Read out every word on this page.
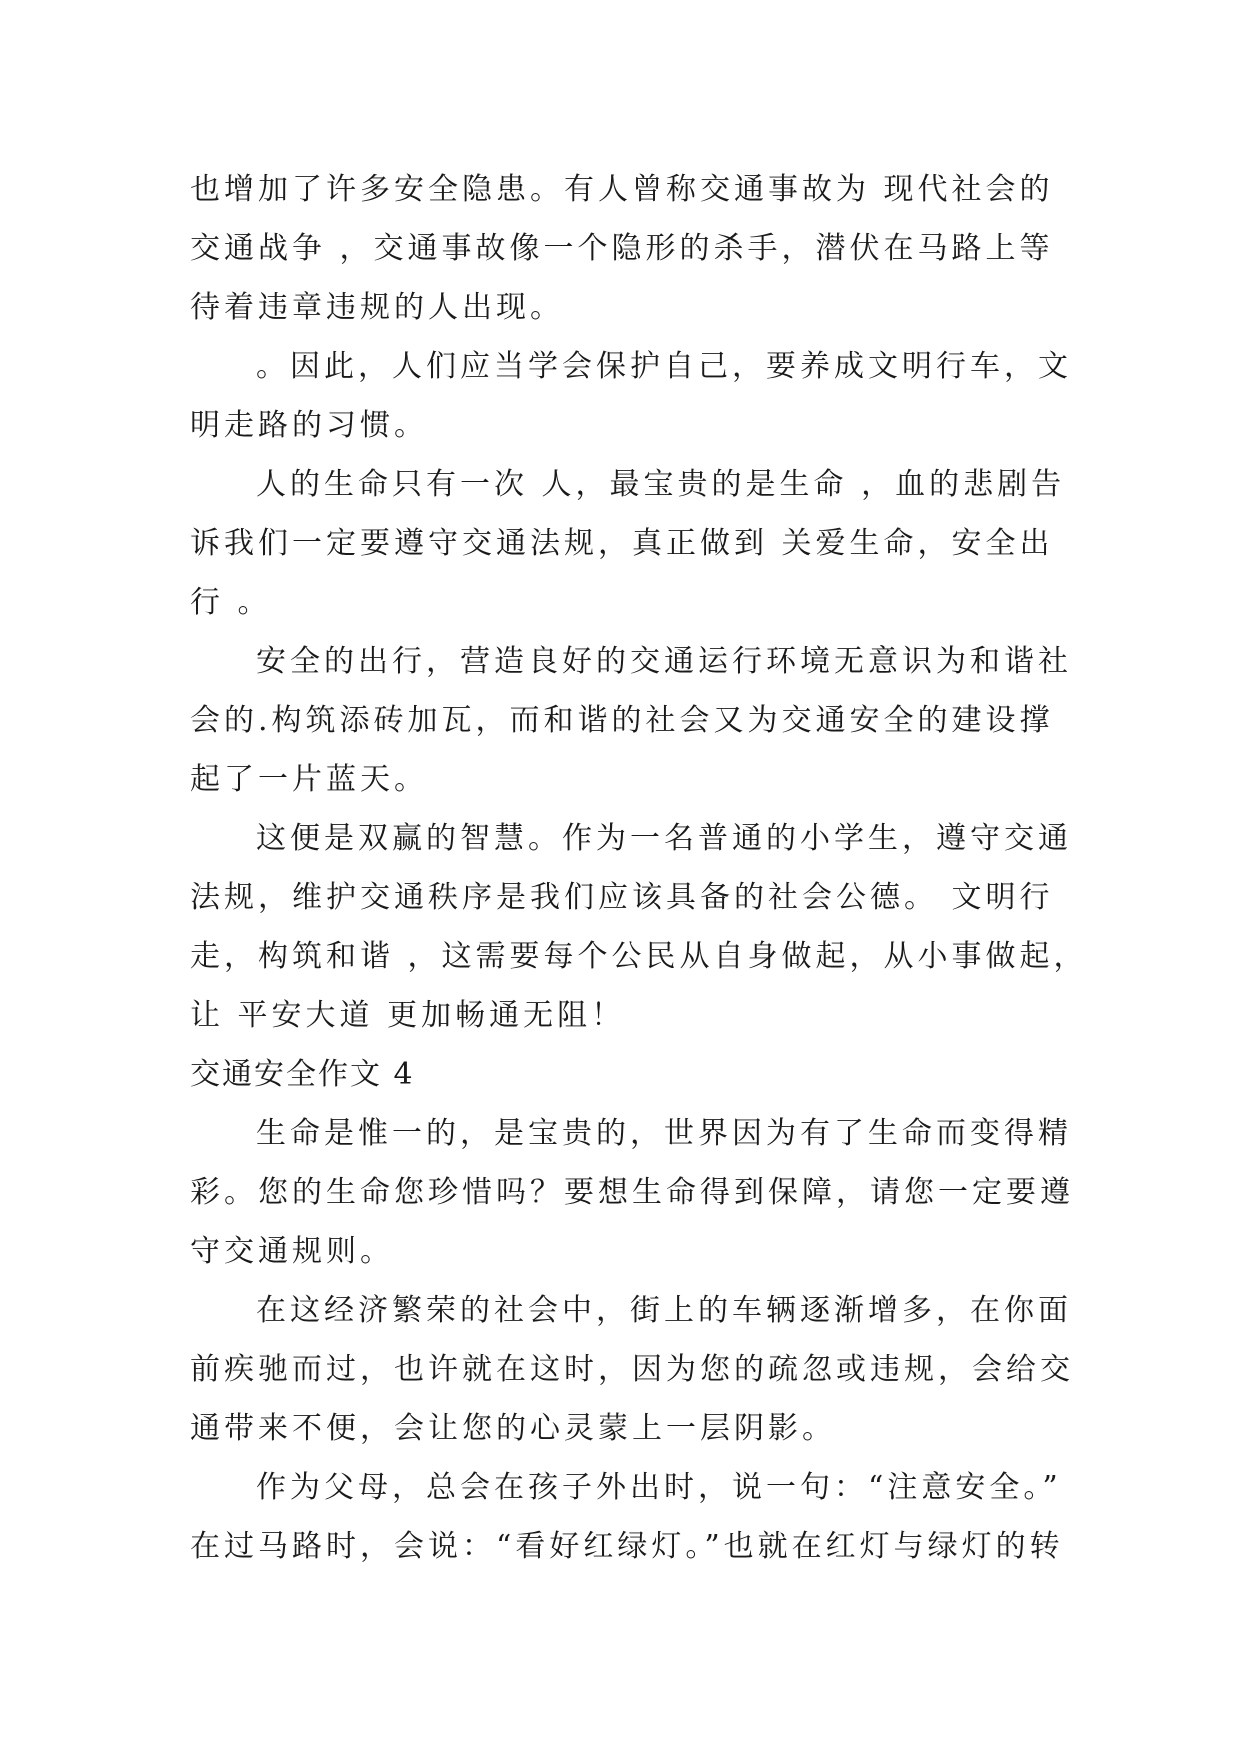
也增加了许多安全隐患。有人曾称交通事故为 现代社会的
交通战争 ，交通事故像一个隐形的杀手，潜伏在马路上等
待着违章违规的人出现。
。因此，人们应当学会保护自己，要养成文明行车，文
明走路的习惯。
人的生命只有一次 人，最宝贵的是生命 ，血的悲剧告
诉我们一定要遵守交通法规，真正做到 关爱生命，安全出
行 。
安全的出行，营造良好的交通运行环境无意识为和谐社
会的.构筑添砖加瓦，而和谐的社会又为交通安全的建设撑
起了一片蓝天。
这便是双赢的智慧。作为一名普通的小学生，遵守交通
法规，维护交通秩序是我们应该具备的社会公德。 文明行
走，构筑和谐 ，这需要每个公民从自身做起，从小事做起，
让 平安大道 更加畅通无阻！
交通安全作文 4
生命是惟一的，是宝贵的，世界因为有了生命而变得精
彩。您的生命您珍惜吗？要想生命得到保障，请您一定要遵
守交通规则。
在这经济繁荣的社会中，街上的车辆逐渐增多，在你面
前疾驰而过，也许就在这时，因为您的疏忽或违规，会给交
通带来不便，会让您的心灵蒙上一层阴影。
作为父母，总会在孩子外出时，说一句：“注意安全。”
在过马路时，会说：“看好红绿灯。”也就在红灯与绿灯的转
